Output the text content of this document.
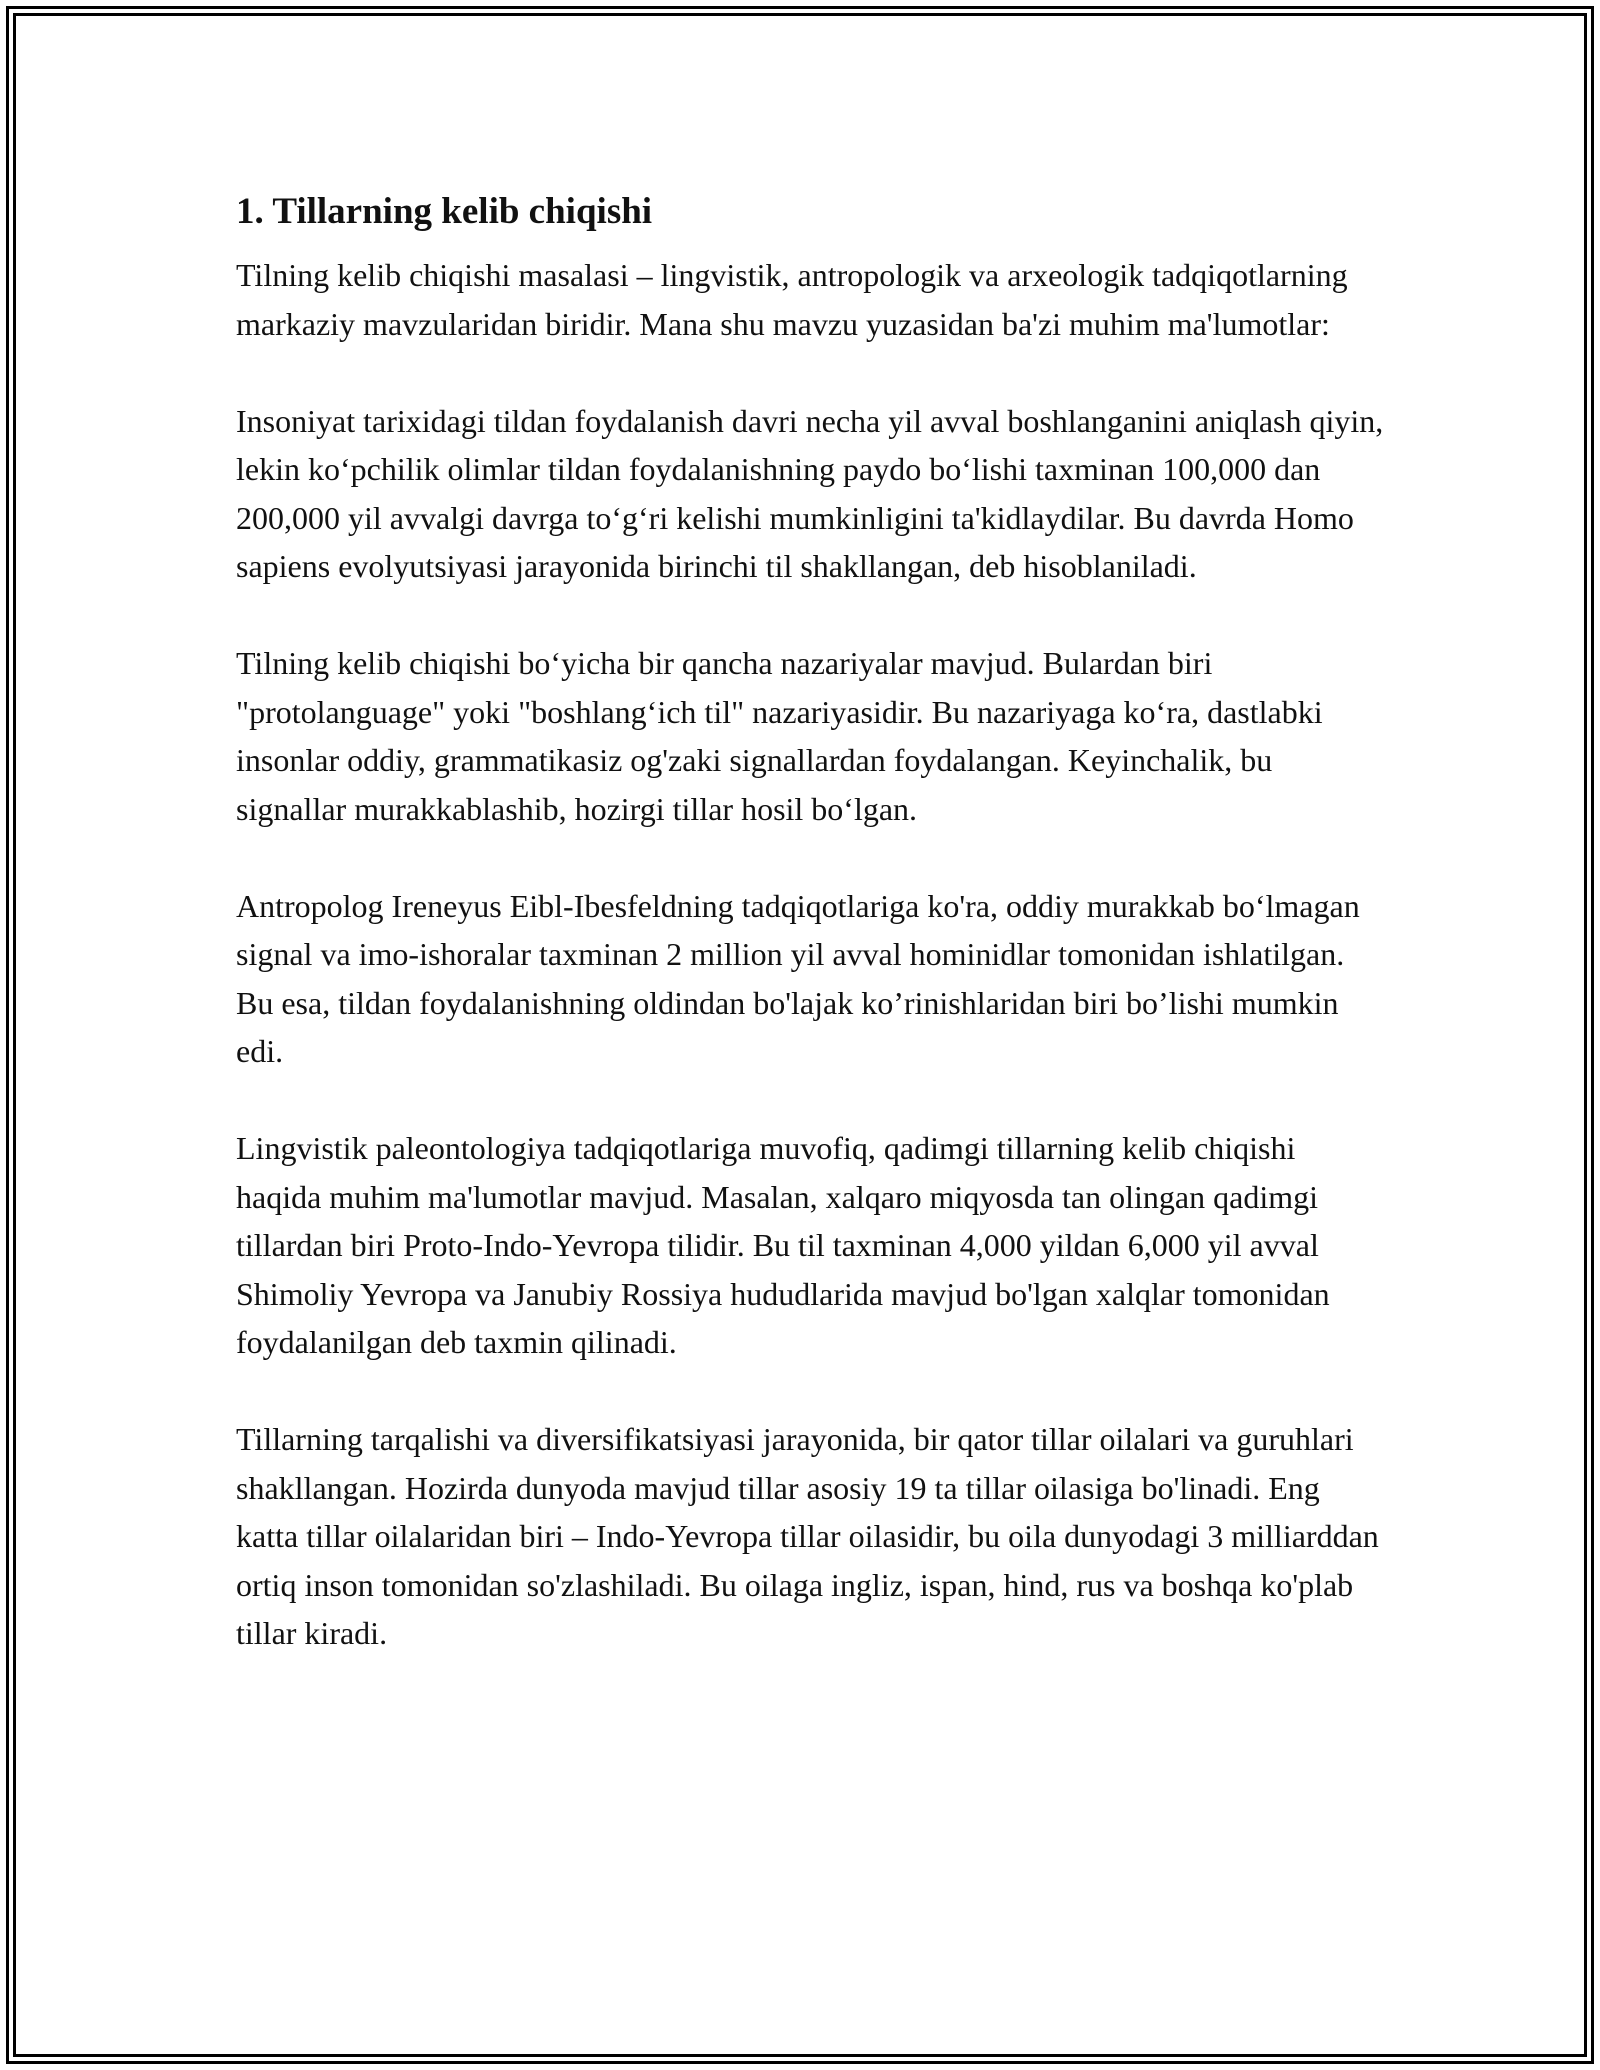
1. Tillarning kelib chiqishi

Tilning kelib chiqishi masalasi – lingvistik, antropologik va arxeologik tadqiqotlarning markaziy mavzularidan biridir. Mana shu mavzu yuzasidan ba'zi muhim ma'lumotlar:

Insoniyat tarixidagi tildan foydalanish davri necha yil avval boshlanganini aniqlash qiyin, lekin koʻpchilik olimlar tildan foydalanishning paydo boʻlishi taxminan 100,000 dan 200,000 yil avvalgi davrga toʻgʻri kelishi mumkinligini ta'kidlaydilar. Bu davrda Homo sapiens evolyutsiyasi jarayonida birinchi til shakllangan, deb hisoblaniladi.

Tilning kelib chiqishi boʻyicha bir qancha nazariyalar mavjud. Bulardan biri "protolanguage" yoki "boshlangʻich til" nazariyasidir. Bu nazariyaga koʻra, dastlabki insonlar oddiy, grammatikasiz og'zaki signallardan foydalangan. Keyinchalik, bu signallar murakkablashib, hozirgi tillar hosil boʻlgan.

Antropolog Ireneyus Eibl-Ibesfeldning tadqiqotlariga ko'ra, oddiy murakkab boʻlmagan signal va imo-ishoralar taxminan 2 million yil avval hominidlar tomonidan ishlatilgan. Bu esa, tildan foydalanishning oldindan bo'lajak ko’rinishlaridan biri bo’lishi mumkin edi.

Lingvistik paleontologiya tadqiqotlariga muvofiq, qadimgi tillarning kelib chiqishi haqida muhim ma'lumotlar mavjud. Masalan, xalqaro miqyosda tan olingan qadimgi tillardan biri Proto-Indo-Yevropa tilidir. Bu til taxminan 4,000 yildan 6,000 yil avval Shimoliy Yevropa va Janubiy Rossiya hududlarida mavjud bo'lgan xalqlar tomonidan foydalanilgan deb taxmin qilinadi.

Tillarning tarqalishi va diversifikatsiyasi jarayonida, bir qator tillar oilalari va guruhlari shakllangan. Hozirda dunyoda mavjud tillar asosiy 19 ta tillar oilasiga bo'linadi. Eng katta tillar oilalaridan biri – Indo-Yevropa tillar oilasidir, bu oila dunyodagi 3 milliarddan ortiq inson tomonidan so'zlashiladi. Bu oilaga ingliz, ispan, hind, rus va boshqa ko'plab tillar kiradi.
